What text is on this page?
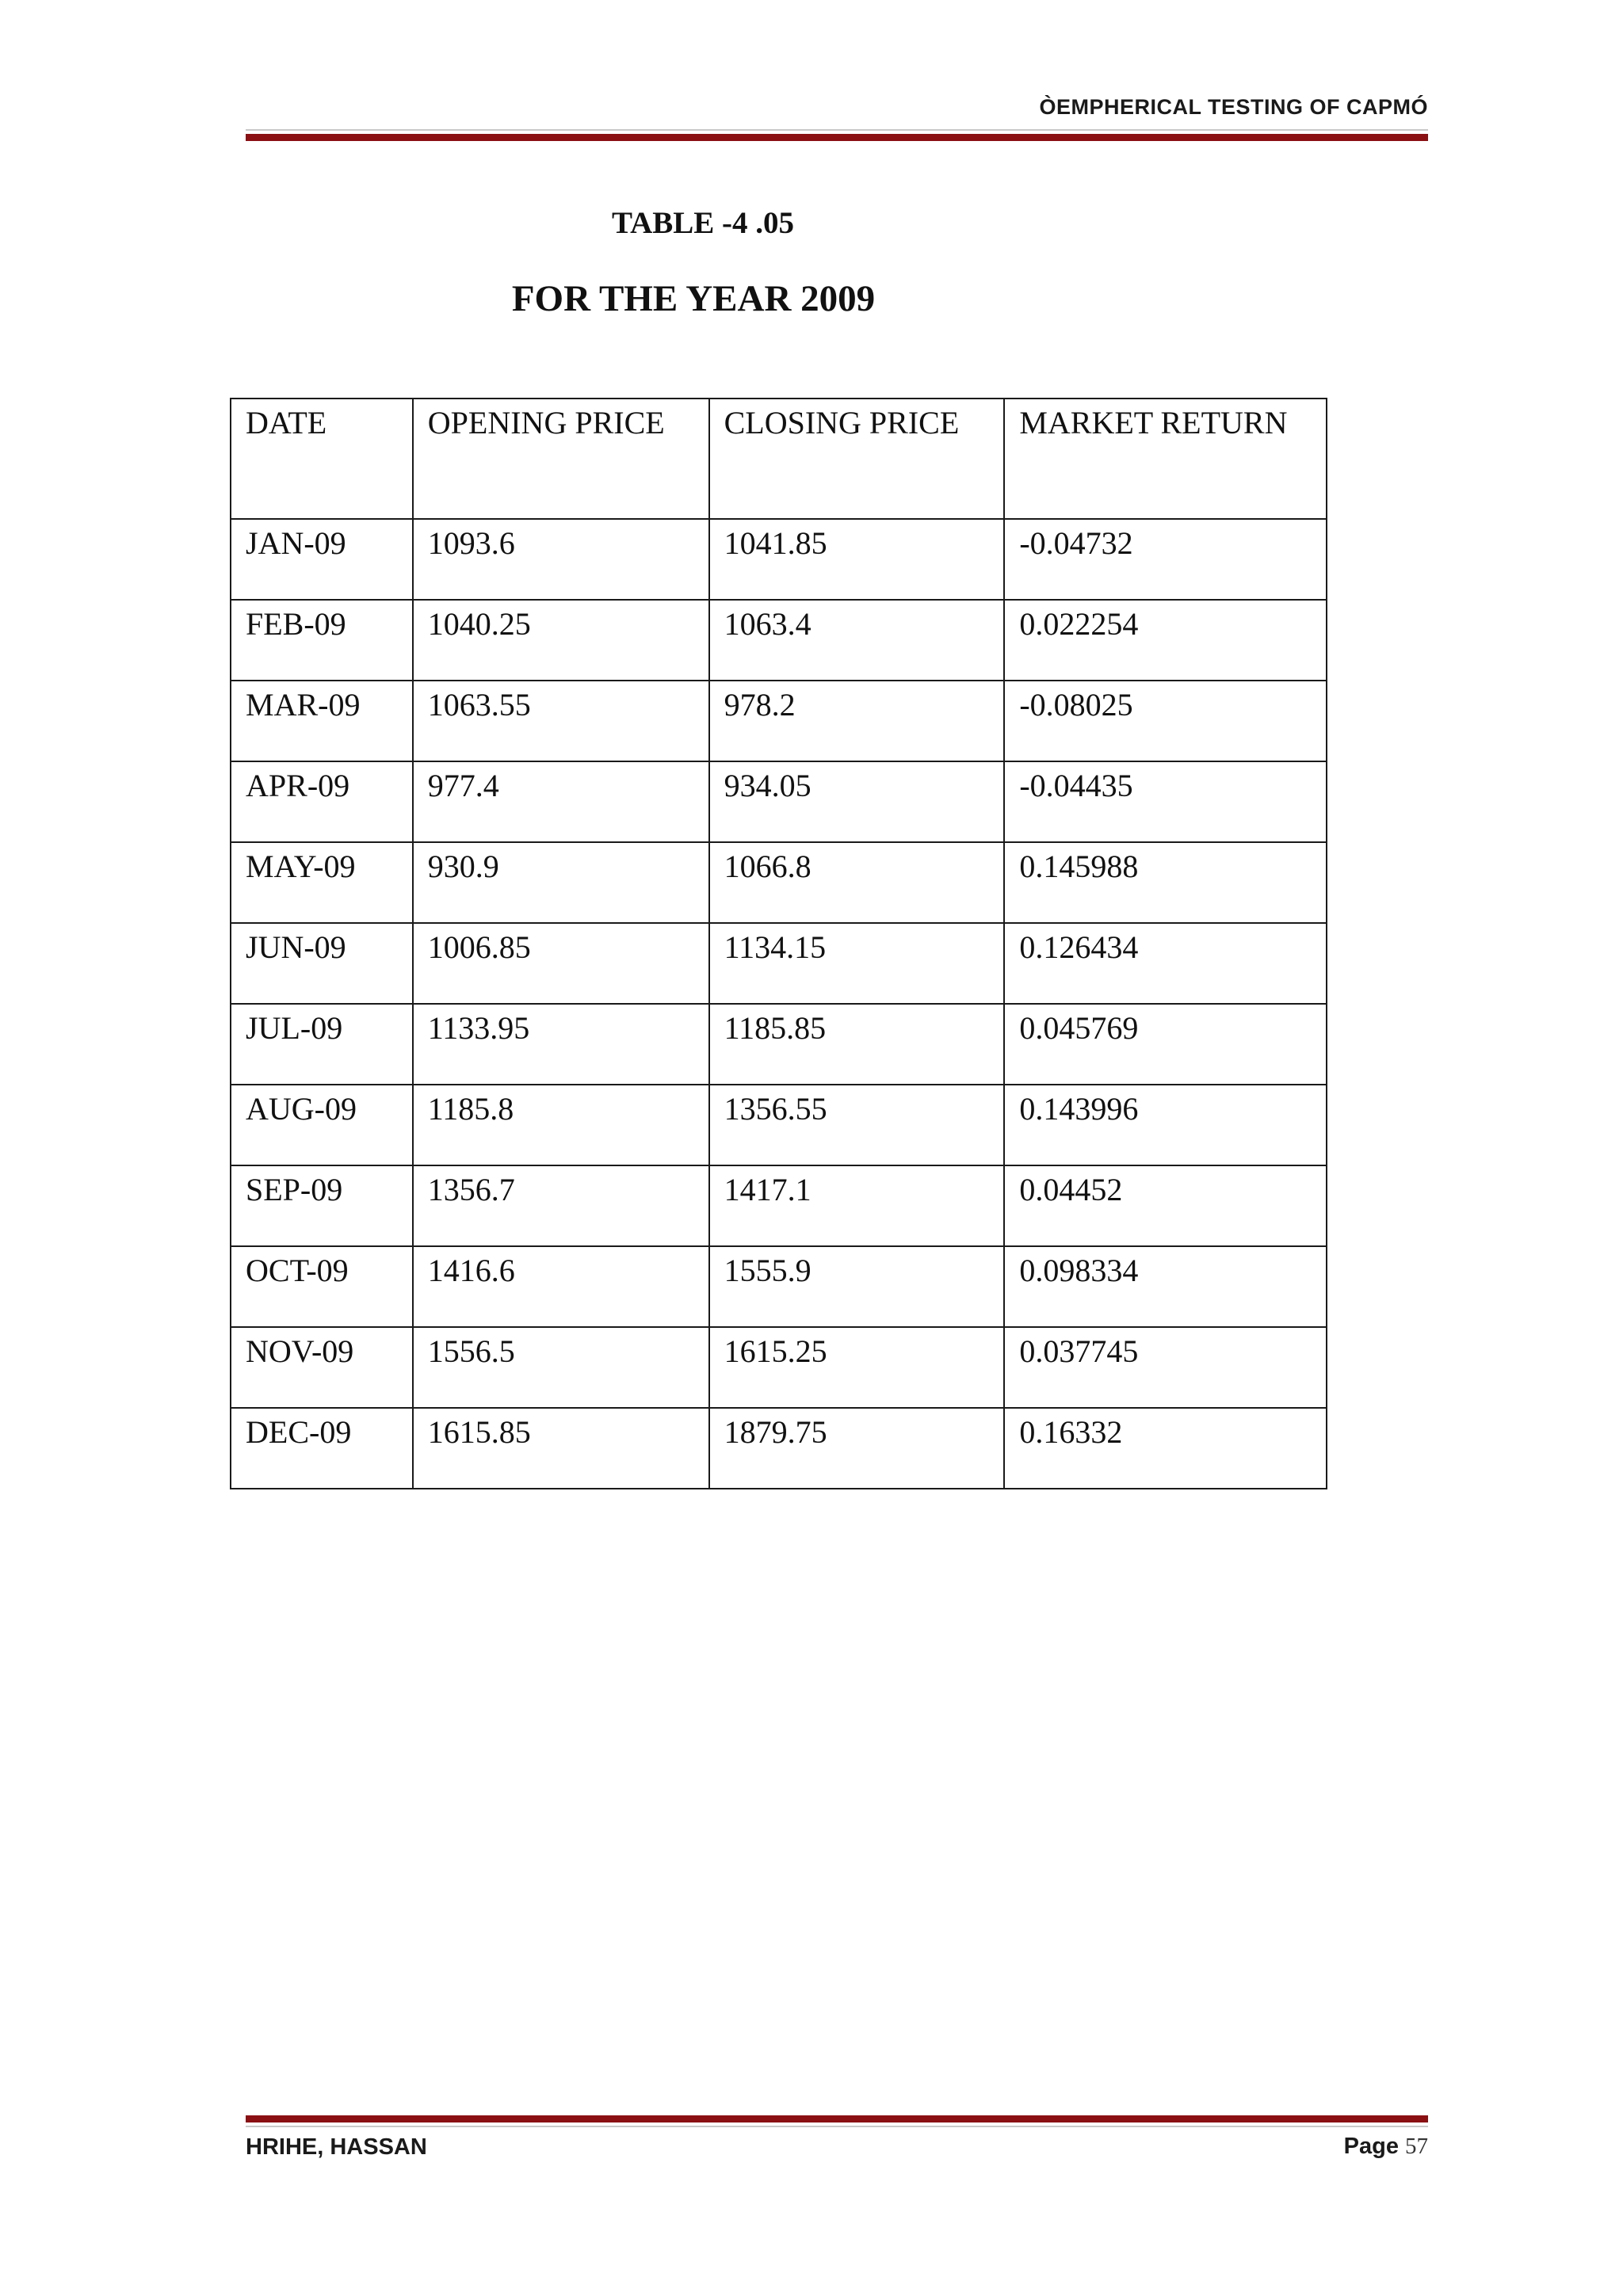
ÒEMPHERICAL TESTING OF CAPMÓ
TABLE -4 .05
FOR THE YEAR 2009
DATE	OPENING PRICE	CLOSING PRICE	MARKET RETURN
JAN-09	1093.6	1041.85	-0.04732
FEB-09	1040.25	1063.4	0.022254
MAR-09	1063.55	978.2	-0.08025
APR-09	977.4	934.05	-0.04435
MAY-09	930.9	1066.8	0.145988
JUN-09	1006.85	1134.15	0.126434
JUL-09	1133.95	1185.85	0.045769
AUG-09	1185.8	1356.55	0.143996
SEP-09	1356.7	1417.1	0.04452
OCT-09	1416.6	1555.9	0.098334
NOV-09	1556.5	1615.25	0.037745
DEC-09	1615.85	1879.75	0.16332
HRIHE, HASSAN	Page 57
